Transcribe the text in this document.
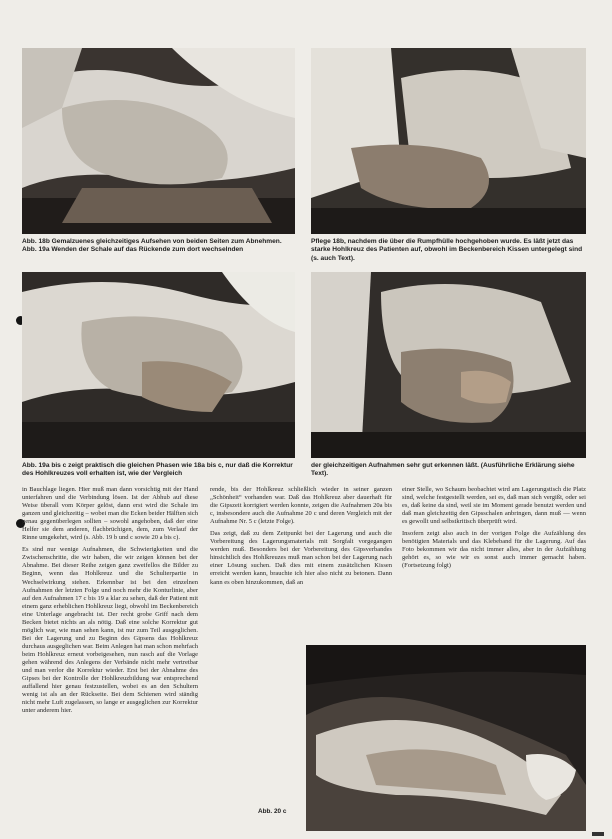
Abb. 18b Gemalzuenes gleichzeitiges Aufsehen von beiden Seiten zum Abnehmen.
Abb. 19a Wenden der Schale auf das Rückende zum dort wechselnden
Pflege 18b, nachdem die über die Rumpfhülle hochgehoben wurde. Es läßt jetzt das starke Hohlkreuz des Patienten auf, obwohl im Beckenbereich Kissen untergelegt sind (s. auch Text).
Abb. 19a bis c zeigt praktisch die gleichen Phasen wie 18a bis c, nur daß die Korrektur des Hohlkreuzes voll erhalten ist, wie der Vergleich
der gleichzeitigen Aufnahmen sehr gut erkennen läßt. (Ausführliche Erklärung siehe Text).

in Bauchlage liegen. Hier muß man dann vorsichtig mit der Hand unterfahren und die Verbindung lösen. Ist der Abhub auf diese Weise überall vom Körper gelöst, dann erst wird die Schale im ganzen und gleichzeitig – wobei man die Ecken beider Hälften sich genau gegenüberlegen sollten – sowohl angehoben, daß der eine Helfer sie dem anderen, flachbrüchigen, dem, zum Verlauf der Rinne umgekehrt, wird (s. Abb. 19 b und c sowie 20 a bis c).

Es sind nur wenige Aufnahmen, die Schwierigkeiten und die Zwischenschritte, die wir haben, die wir zeigen können bei der Abnahme. Bei dieser Reihe zeigen ganz zweifellos die Bilder zu Beginn, wenn das Hohlkreuz und die Schulterpartie in Wechselwirkung stehen. Erkennbar ist bei den einzelnen Aufnahmen der letzten Folge und noch mehr die Konturlinie, aber auf den Aufnahmen 17 c bis 19 a klar zu sehen, daß der Patient mit einem ganz erheblichen Hohlkreuz liegt, obwohl im Beckenbereich eine Unterlage angebracht ist. Der recht grobe Griff nach dem Becken bietet nichts an als nötig. Daß eine solche Korrektur gut möglich war, wie man sehen kann, ist nur zum Teil ausgeglichen. Bei der Lagerung und zu Beginn des Gipsens das Hohlkreuz durchaus ausgeglichen war. Beim Anlegen hat man schon mehrfach beim Hohlkreuz erneut vorbeigesehen, nun rasch auf die Vorlage gehen während des Anlegens der Verbände nicht mehr vertretbar und man verlor die Korrektur wieder. Erst bei der Abnahme des Gipses bei der Kontrolle der Hohlkreuzbildung war entsprechend auffallend hier genau festzustellen, wobei es an den Schultern wenig ist als an der Rückseite. Bei dem Schienen wird ständig nicht mehr Luft zugelassen, so lange er ausgeglichen zur Korrektur unter anderem hier.

rende, bis der Hohlkreuz schließlich wieder in seiner ganzen „Schönheit“ vorhanden war. Daß das Hohlkreuz aber dauerhaft für die Gipszeit korrigiert werden konnte, zeigen die Aufnahmen 20a bis c, insbesondere auch die Aufnahme 20 c und deren Vergleich mit der Aufnahme Nr. 5 c (letzte Folge).

Das zeigt, daß zu dem Zeitpunkt bei der Lagerung und auch die Vorbereitung des Lagerungsmaterials mit Sorgfalt vorgegangen werden muß. Besonders bei der Vorbereitung des Gipsverbandes hinsichtlich des Hohlkreuzes muß man schon bei der Lagerung nach einer Lösung suchen. Daß dies mit einem zusätzlichen Kissen erreicht werden kann, brauchte ich hier also nicht zu betonen. Dann kann es oben hinzukommen, daß an

einer Stelle, wo Schaum beobachtet wird am Lagerungstisch die Platz sind, welche festgestellt werden, sei es, daß man sich vergißt, oder sei es, daß keine da sind, weil sie im Moment gerade benutzt werden und daß man gleichzeitig den Gipsschalen anbringen, dann muß — wenn es gewollt und selbstkritisch überprüft wird.

Insofern zeigt also auch in der vorigen Folge die Aufzählung des benötigten Materials und das Klebeband für die Lagerung. Auf das Foto bekommen wir das nicht immer alles, aber in der Aufzählung gehört es, so wie wir es sonst auch immer gemacht haben. (Fortsetzung folgt)

Abb. 20 c
